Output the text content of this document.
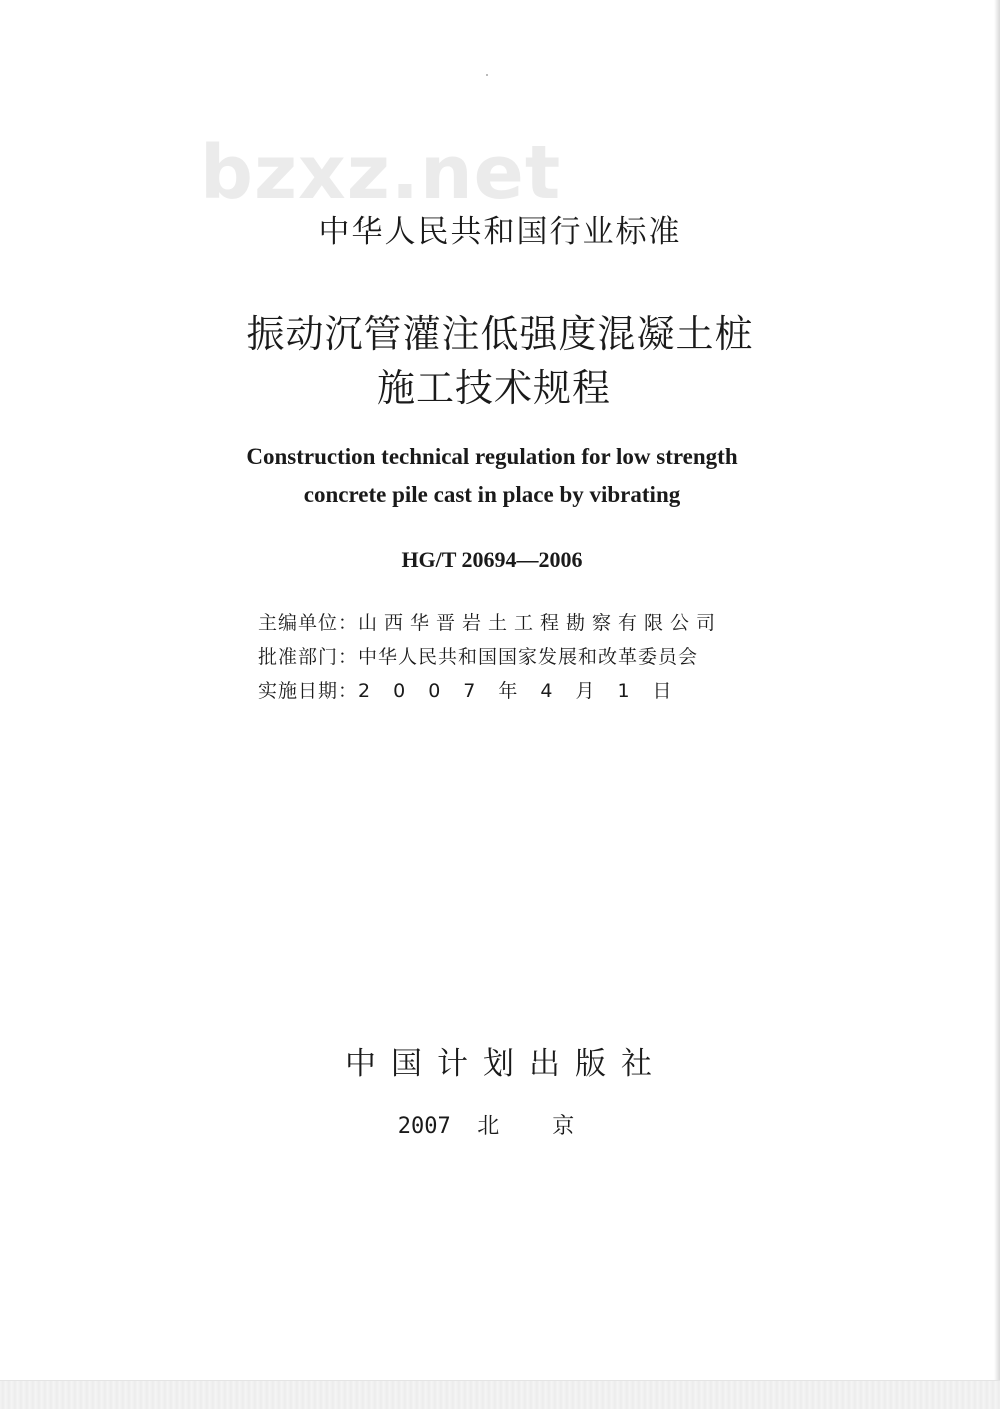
bzxz.net
中华人民共和国行业标准
振动沉管灌注低强度混凝土桩
施工技术规程
Construction technical regulation for low strength
concrete pile cast in place by vibrating
HG/T 20694—2006
主编单位：山西华晋岩土工程勘察有限公司
批准部门：中华人民共和国国家发展和改革委员会
实施日期：2007年4月1日
中国计划出版社
2007  北    京
